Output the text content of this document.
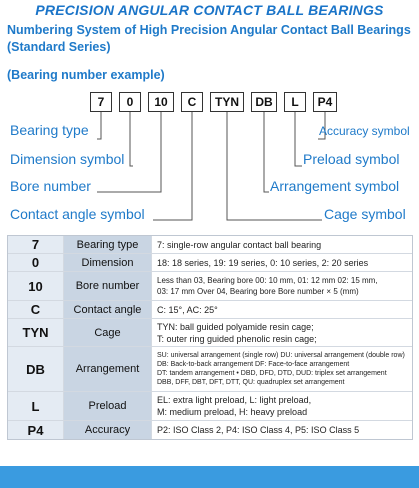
PRECISION ANGULAR CONTACT BALL BEARINGS
Numbering System of High Precision Angular Contact Ball Bearings
(Standard Series)
(Bearing number example)
7	0	10	C	TYN	DB	L	P4
Bearing type
Dimension symbol
Bore number
Contact angle symbol
Accuracy symbol
Preload symbol
Arrangement symbol
Cage symbol
7	Bearing type	7: single-row angular contact ball bearing
0	Dimension	18: 18 series, 19: 19 series, 0: 10 series, 2: 20 series
10	Bore number	Less than 03, Bearing bore 00: 10 mm, 01: 12 mm 02: 15 mm,
03: 17 mm Over 04, Bearing bore Bore number × 5 (mm)
C	Contact angle	C: 15°, AC: 25°
TYN	Cage	TYN: ball guided polyamide resin cage;
T: outer ring guided phenolic resin cage;
DB	Arrangement
SU: universal arrangement (single row) DU: universal arrangement (double row)
DB: Back-to-back arrangement DF: Face-to-face arrangement
DT: tandem arrangement • DBD, DFD, DTD, DUD: triplex set arrangement
DBB, DFF, DBT, DFT, DTT, QU: quadruplex set arrangement
L	Preload	EL: extra light preload, L: light preload,
M: medium preload, H: heavy preload
P4	Accuracy	P2: ISO Class 2, P4: ISO Class 4, P5: ISO Class 5
